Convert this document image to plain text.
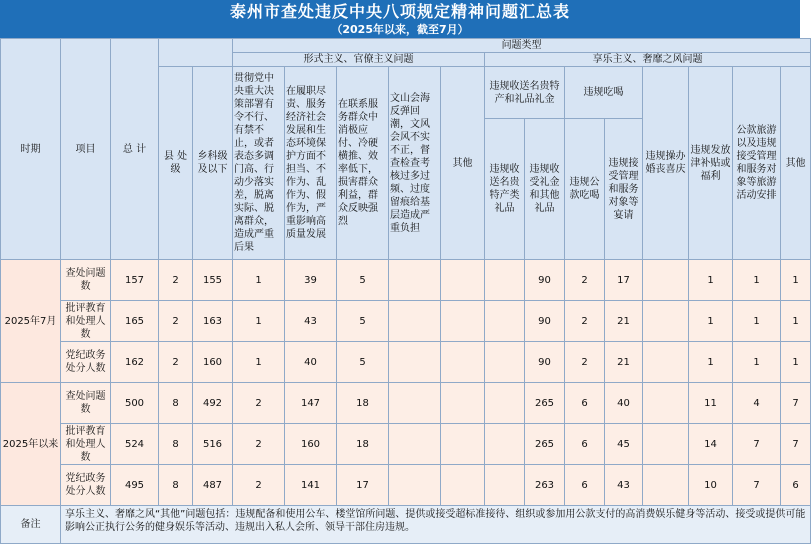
泰州市查处违反中央八项规定精神问题汇总表
（2025年以来，截至7月）
时期	项目	总 计			问题类型												
					形式主义、官僚主义问题					享乐主义、奢靡之风问题							
			县 处级	乡科级及以下	贯彻党中央重大决策部署有令不行、有禁不止，或者表态多调门高、行动少落实差，脱离实际、脱离群众，造成严重后果	在履职尽责、服务经济社会发展和生态环境保护方面不担当、不作为、乱作为、假作为，严重影响高质量发展	在联系服务群众中消极应付、冷硬横推、效率低下，损害群众利益，群众反映强烈	文山会海反弹回潮，文风会风不实不正，督查检查考核过多过频、过度留痕给基层造成严重负担	其他	违规收送名贵特产和礼品礼金		违规吃喝		违规操办婚丧喜庆	违规发放津补贴或福利	公款旅游以及违规接受管理和服务对象等旅游活动安排	其他
										违规收送名贵特产类礼品	违规收受礼金和其他礼品	违规公款吃喝	违规接受管理和服务对象等宴请				
2025年7月	查处问题数	157	2	155	1	39	5				90	2	17		1	1	1
	批评教育和处理人数	165	2	163	1	43	5				90	2	21		1	1	1
	党纪政务处分人数	162	2	160	1	40	5				90	2	21		1	1	1
2025年以来	查处问题数	500	8	492	2	147	18				265	6	40		11	4	7
	批评教育和处理人数	524	8	516	2	160	18				265	6	45		14	7	7
	党纪政务处分人数	495	8	487	2	141	17				263	6	43		10	7	6
备注	享乐主义、奢靡之风“其他”问题包括：违规配备和使用公车、楼堂馆所问题、提供或接受超标准接待、组织或参加用公款支付的高消费娱乐健身等活动、接受或提供可能影响公正执行公务的健身娱乐等活动、违规出入私人会所、领导干部住房违规。																
